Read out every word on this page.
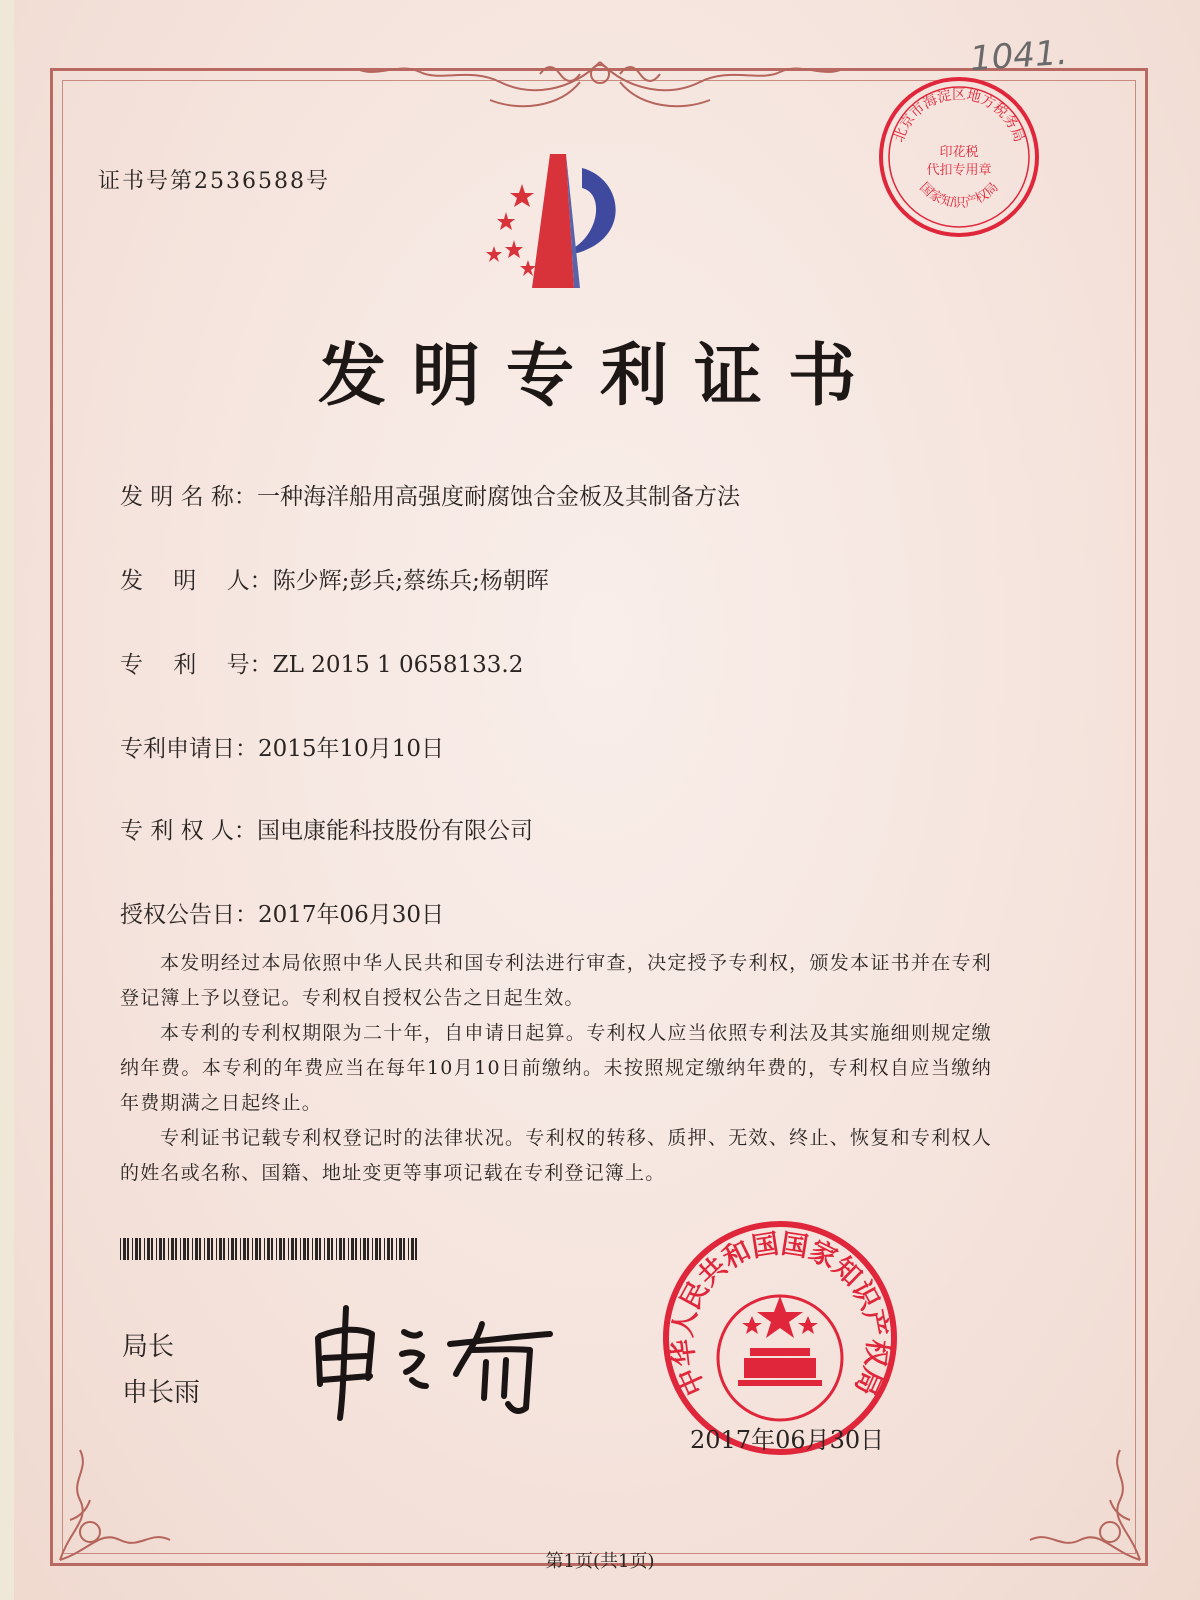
1041.
证书号第2536588号
北京市海淀区地方税务局
国家知识产权局
印花税
代扣专用章
发明专利证书
发 明 名 称：一种海洋船用高强度耐腐蚀合金板及其制备方法
发　 明　 人：陈少辉;彭兵;蔡练兵;杨朝晖
专　 利　 号：ZL 2015 1 0658133.2
专利申请日：2015年10月10日
专 利 权 人：国电康能科技股份有限公司
授权公告日：2017年06月30日

本发明经过本局依照中华人民共和国专利法进行审查，决定授予专利权，颁发本证书并在专利登记簿上予以登记。专利权自授权公告之日起生效。

本专利的专利权期限为二十年，自申请日起算。专利权人应当依照专利法及其实施细则规定缴纳年费。本专利的年费应当在每年10月10日前缴纳。未按照规定缴纳年费的，专利权自应当缴纳年费期满之日起终止。

专利证书记载专利权登记时的法律状况。专利权的转移、质押、无效、终止、恢复和专利权人的姓名或名称、国籍、地址变更等事项记载在专利登记簿上。

局长
申长雨	中华人民共和国国家知识产权局
2017年06月30日
第1页(共1页)
